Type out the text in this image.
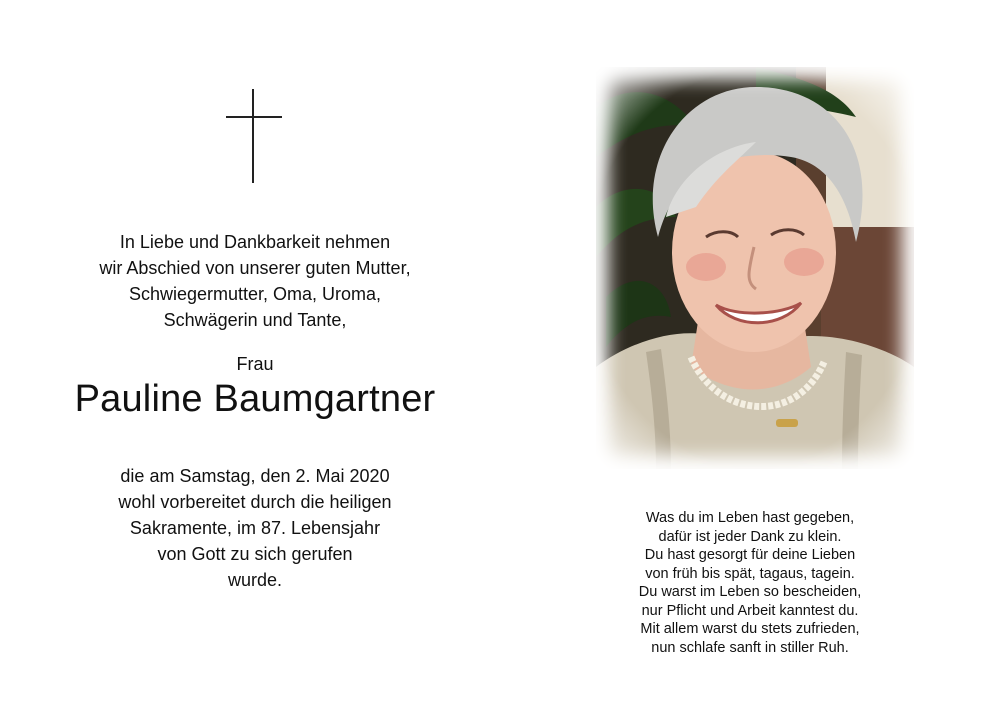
In Liebe und Dankbarkeit nehmen
wir Abschied von unserer guten Mutter,
Schwiegermutter, Oma, Uroma,
Schwägerin und Tante,
Frau
Pauline Baumgartner
die am Samstag, den 2. Mai 2020
wohl vorbereitet durch die heiligen
Sakramente, im 87. Lebensjahr
von Gott zu sich gerufen
wurde.
Was du im Leben hast gegeben,
dafür ist jeder Dank zu klein.
Du hast gesorgt für deine Lieben
von früh bis spät, tagaus, tagein.
Du warst im Leben so bescheiden,
nur Pflicht und Arbeit kanntest du.
Mit allem warst du stets zufrieden,
nun schlafe sanft in stiller Ruh.
